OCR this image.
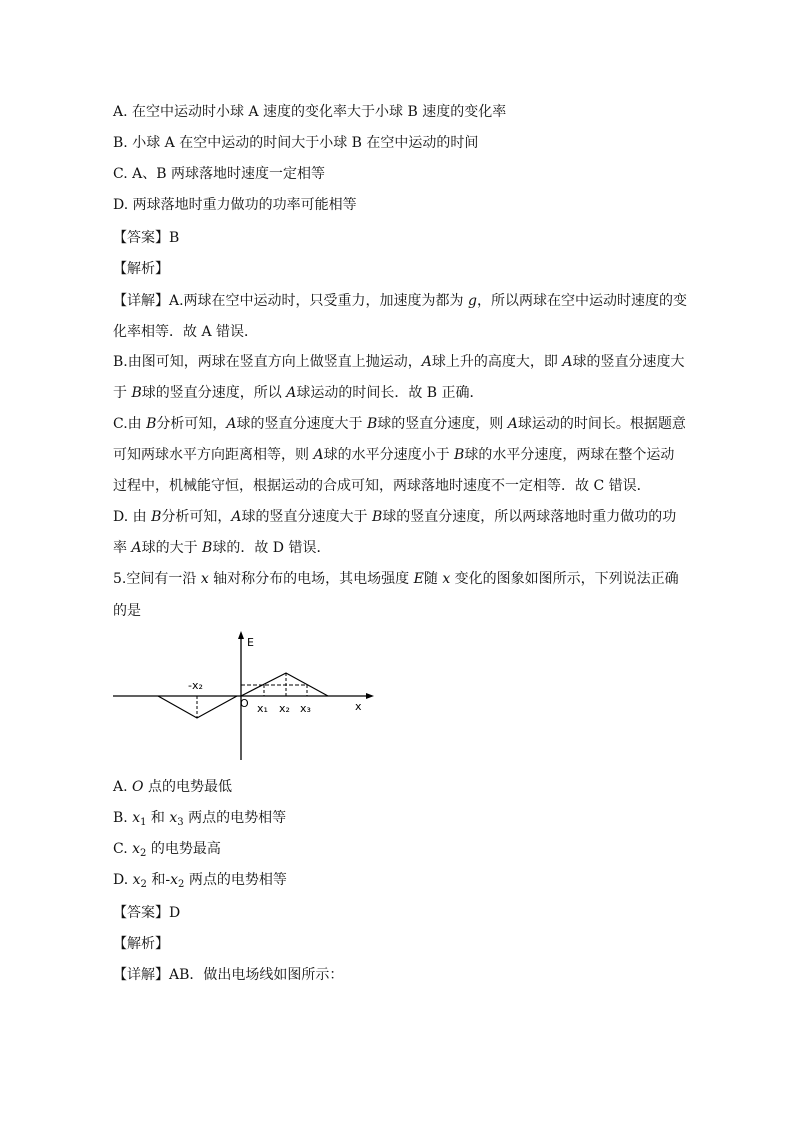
A. 在空中运动时小球 A 速度的变化率大于小球 B 速度的变化率
B. 小球 A 在空中运动的时间大于小球 B 在空中运动的时间
C. A、B 两球落地时速度一定相等
D. 两球落地时重力做功的功率可能相等
【答案】B
【解析】
【详解】A.两球在空中运动时，只受重力，加速度为都为 g，所以两球在空中运动时速度的变
化率相等．故 A 错误．
B.由图可知，两球在竖直方向上做竖直上抛运动，A球上升的高度大，即 A球的竖直分速度大
于 B球的竖直分速度，所以 A球运动的时间长．故 B 正确．
C.由 B分析可知，A球的竖直分速度大于 B球的竖直分速度，则 A球运动的时间长。根据题意
可知两球水平方向距离相等，则 A球的水平分速度小于 B球的水平分速度，两球在整个运动
过程中，机械能守恒，根据运动的合成可知，两球落地时速度不一定相等．故 C 错误．
D. 由 B分析可知，A球的竖直分速度大于 B球的竖直分速度，所以两球落地时重力做功的功
率 A球的大于 B球的．故 D 错误．
5.空间有一沿 x 轴对称分布的电场，其电场强度 E随 x 变化的图象如图所示，下列说法正确
的是
E
x
O
-x₂
x₁ x₂ x₃
A. O 点的电势最低
B. $x_1$ 和 $x_3$ 两点的电势相等
C. $x_2$ 的电势最高
D. $x_2$ 和$-x_2$ 两点的电势相等
【答案】D
【解析】
【详解】AB．做出电场线如图所示：
